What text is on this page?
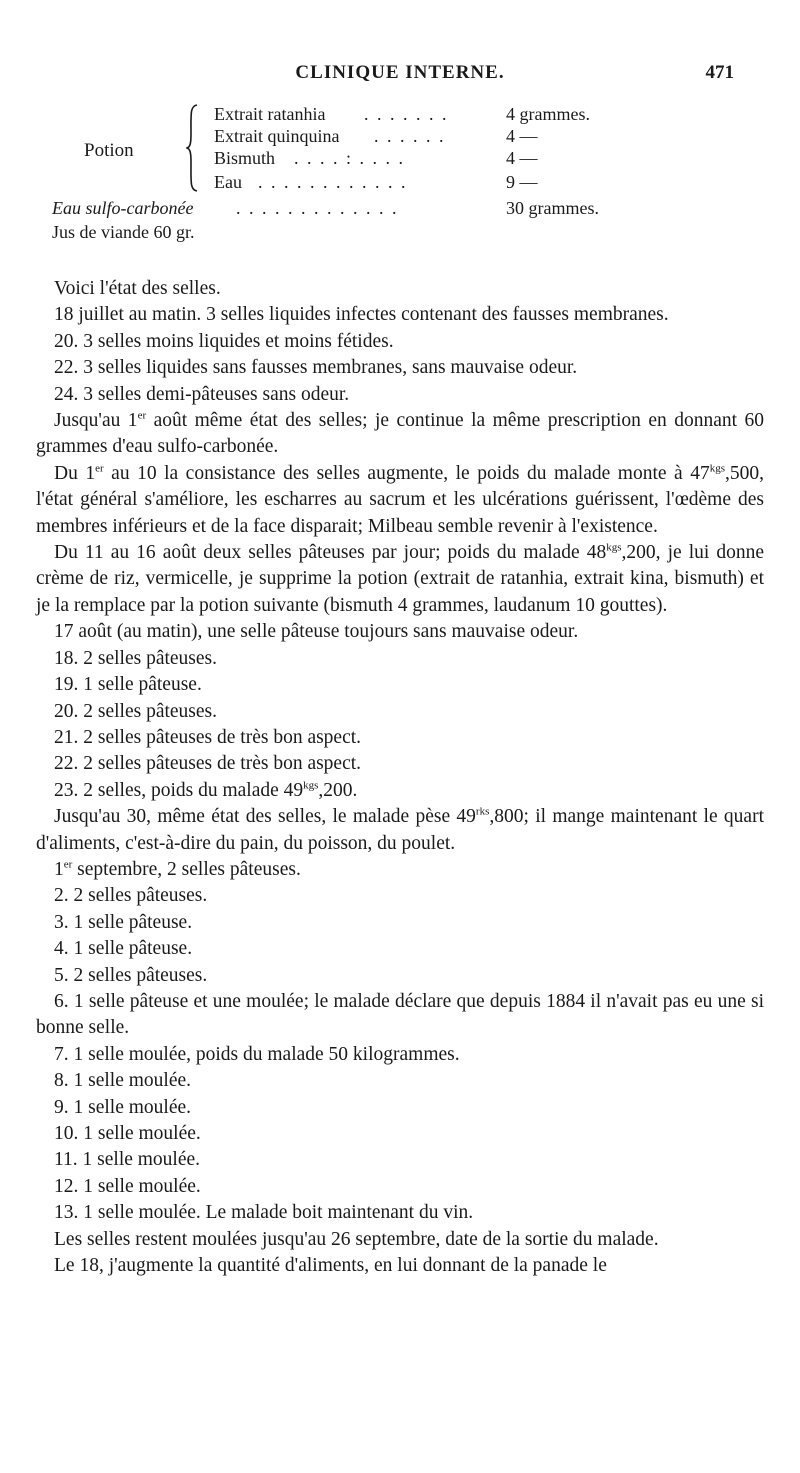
CLINIQUE INTERNE.	471
Potion
Extrait ratanhia . . . . . . .	4 grammes.
Extrait quinquina . . . . . .	4 —
Bismuth . . . . : . . . .	4 —
Eau . . . . . . . . . . . .	9 —
Eau sulfo-carbonée . . . . . . . . . . . . .	30 grammes.
Jus de viande 60 gr.

Voici l'état des selles.

18 juillet au matin. 3 selles liquides infectes contenant des fausses membranes.

20. 3 selles moins liquides et moins fétides.

22. 3 selles liquides sans fausses membranes, sans mauvaise odeur.

24. 3 selles demi-pâteuses sans odeur.

Jusqu'au 1er août même état des selles; je continue la même prescription en donnant 60 grammes d'eau sulfo-carbonée.

Du 1er au 10 la consistance des selles augmente, le poids du malade monte à $47^{kgs},500$, l'état général s'améliore, les escharres au sacrum et les ulcérations guérissent, l'œdème des membres inférieurs et de la face disparait; Milbeau semble revenir à l'existence.

Du 11 au 16 août deux selles pâteuses par jour; poids du malade $48^{kgs},200$, je lui donne crème de riz, vermicelle, je supprime la potion (extrait de ratanhia, extrait kina, bismuth) et je la remplace par la potion suivante (bismuth 4 grammes, laudanum 10 gouttes).

17 août (au matin), une selle pâteuse toujours sans mauvaise odeur.

18. 2 selles pâteuses.

19. 1 selle pâteuse.

20. 2 selles pâteuses.

21. 2 selles pâteuses de très bon aspect.

22. 2 selles pâteuses de très bon aspect.

23. 2 selles, poids du malade $49^{kgs},200$.

Jusqu'au 30, même état des selles, le malade pèse $49^{rks},800$; il mange maintenant le quart d'aliments, c'est-à-dire du pain, du poisson, du poulet.

1er septembre, 2 selles pâteuses.

2. 2 selles pâteuses.

3. 1 selle pâteuse.

4. 1 selle pâteuse.

5. 2 selles pâteuses.

6. 1 selle pâteuse et une moulée; le malade déclare que depuis 1884 il n'avait pas eu une si bonne selle.

7. 1 selle moulée, poids du malade 50 kilogrammes.

8. 1 selle moulée.

9. 1 selle moulée.

10. 1 selle moulée.

11. 1 selle moulée.

12. 1 selle moulée.

13. 1 selle moulée. Le malade boit maintenant du vin.

Les selles restent moulées jusqu'au 26 septembre, date de la sortie du malade.

Le 18, j'augmente la quantité d'aliments, en lui donnant de la panade le
